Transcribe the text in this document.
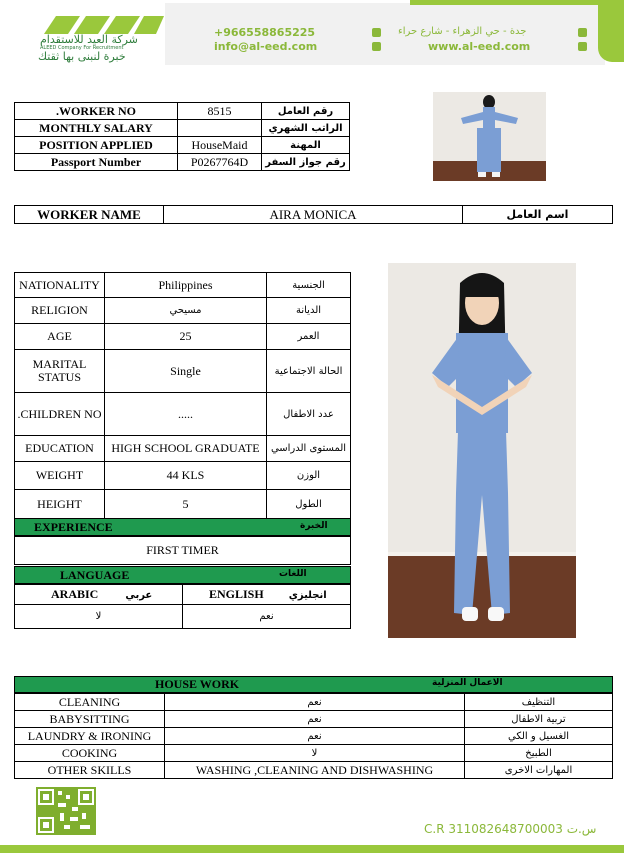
شركة العيد للاستقدام
ALEED Company For Recruitment
خبرة لنبنى بها ثقتك
+966558865225	جدة - حي الزهراء - شارع حراء
info@al-eed.com	www.al-eed.com
.WORKER NO	8515	رقم العامل
MONTHLY SALARY		الراتب الشهري
POSITION APPLIED	HouseMaid	المهنة
Passport Number	P0267764D	رقم جواز السفر
WORKER NAME	AIRA MONICA	اسم العامل
NATIONALITY	Philippines	الجنسية
RELIGION	مسيحي	الديانة
AGE	25	العمر
MARITAL STATUS	Single	الحالة الاجتماعية
.CHILDREN NO	.....	عدد الاطفال
EDUCATION	HIGH SCHOOL GRADUATE	المستوى الدراسي
WEIGHT	44 KLS	الوزن
HEIGHT	5	الطول
EXPERIENCE	الخبرة
FIRST TIMER
LANGUAGE	اللغات
ARABIC عربي	ENGLISH انجليزي
لا	نعم
HOUSE WORK	الاعمال المنزلية
CLEANING	نعم	التنظيف
BABYSITTING	نعم	تربية الاطفال
LAUNDRY & IRONING	نعم	الغسيل و الكي
COOKING	لا	الطبيخ
OTHER SKILLS	WASHING ,CLEANING AND DISHWASHING	المهارات الاخرى
C.R 311082648700003 س.ت
